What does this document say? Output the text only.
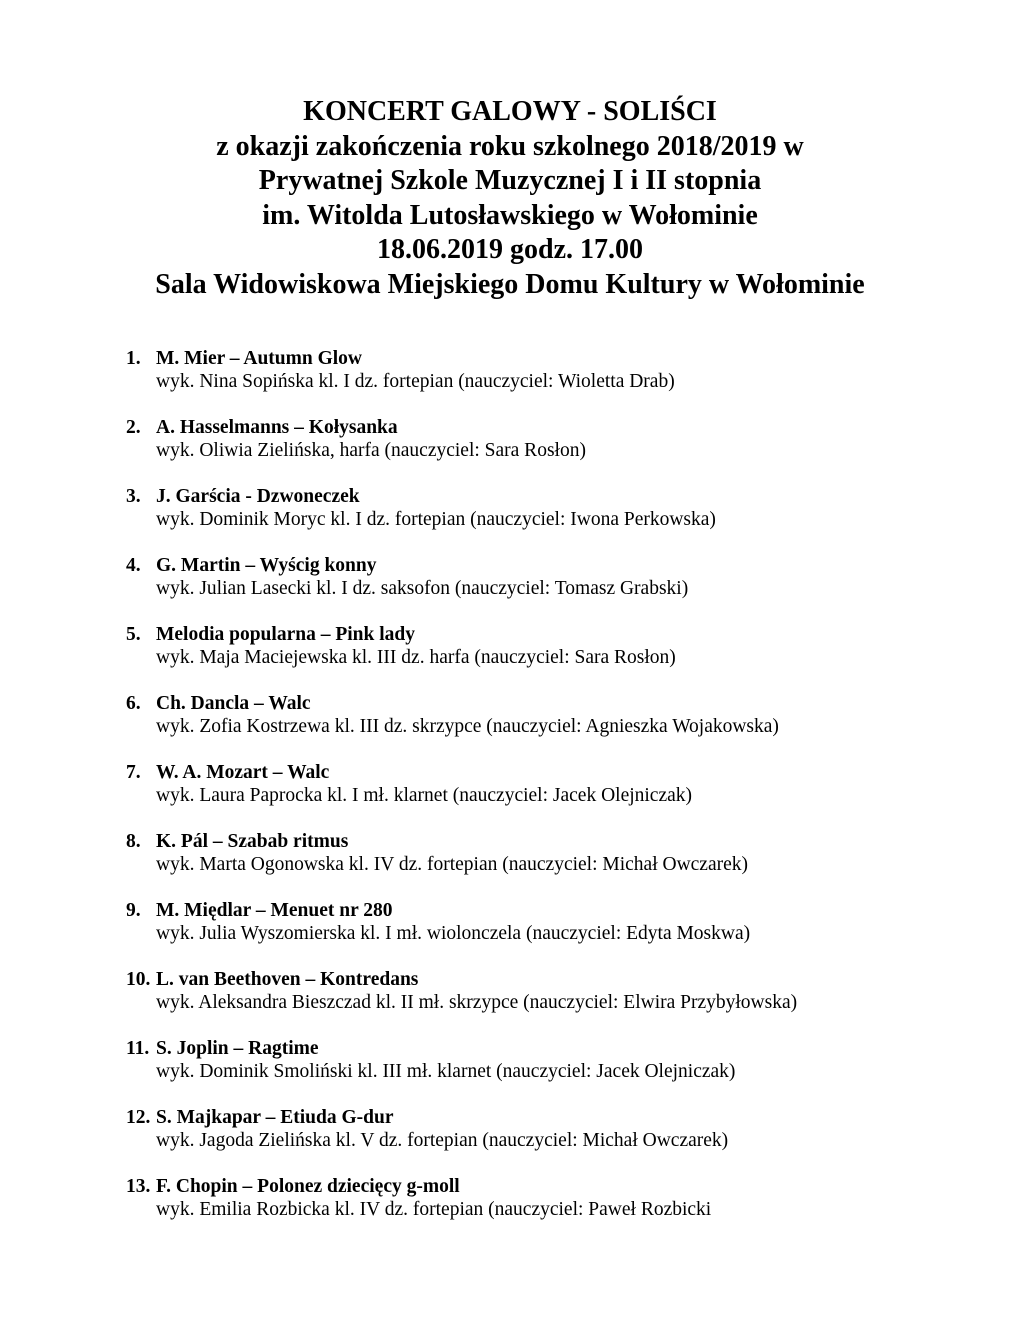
KONCERT GALOWY - SOLIŚCI
z okazji zakończenia roku szkolnego 2018/2019 w
Prywatnej Szkole Muzycznej I i II stopnia
im. Witolda Lutosławskiego w Wołominie
18.06.2019 godz. 17.00
Sala Widowiskowa Miejskiego Domu Kultury w Wołominie
1. M. Mier – Autumn Glow
wyk. Nina Sopińska kl. I dz. fortepian (nauczyciel: Wioletta Drab)
2. A. Hasselmanns – Kołysanka
wyk. Oliwia Zielińska, harfa (nauczyciel: Sara Rosłon)
3. J. Garścia - Dzwoneczek
wyk. Dominik Moryc kl. I dz. fortepian (nauczyciel: Iwona Perkowska)
4. G. Martin – Wyścig konny
wyk. Julian Lasecki kl. I dz. saksofon (nauczyciel: Tomasz Grabski)
5. Melodia popularna – Pink lady
wyk. Maja Maciejewska kl. III dz. harfa (nauczyciel: Sara Rosłon)
6. Ch. Dancla – Walc
wyk. Zofia Kostrzewa kl. III dz. skrzypce (nauczyciel: Agnieszka Wojakowska)
7. W. A. Mozart – Walc
wyk. Laura Paprocka kl. I mł. klarnet (nauczyciel: Jacek Olejniczak)
8. K. Pál – Szabab ritmus
wyk. Marta Ogonowska kl. IV dz. fortepian (nauczyciel: Michał Owczarek)
9. M. Międlar – Menuet nr 280
wyk. Julia Wyszomierska kl. I mł. wiolonczela (nauczyciel: Edyta Moskwa)
10. L. van Beethoven – Kontredans
wyk. Aleksandra Bieszczad kl. II mł. skrzypce (nauczyciel: Elwira Przybyłowska)
11. S. Joplin – Ragtime
wyk. Dominik Smoliński kl. III mł. klarnet (nauczyciel: Jacek Olejniczak)
12. S. Majkapar – Etiuda G-dur
wyk. Jagoda Zielińska kl. V dz. fortepian (nauczyciel: Michał Owczarek)
13. F. Chopin – Polonez dziecięcy g-moll
wyk. Emilia Rozbicka kl. IV dz. fortepian (nauczyciel: Paweł Rozbicki
